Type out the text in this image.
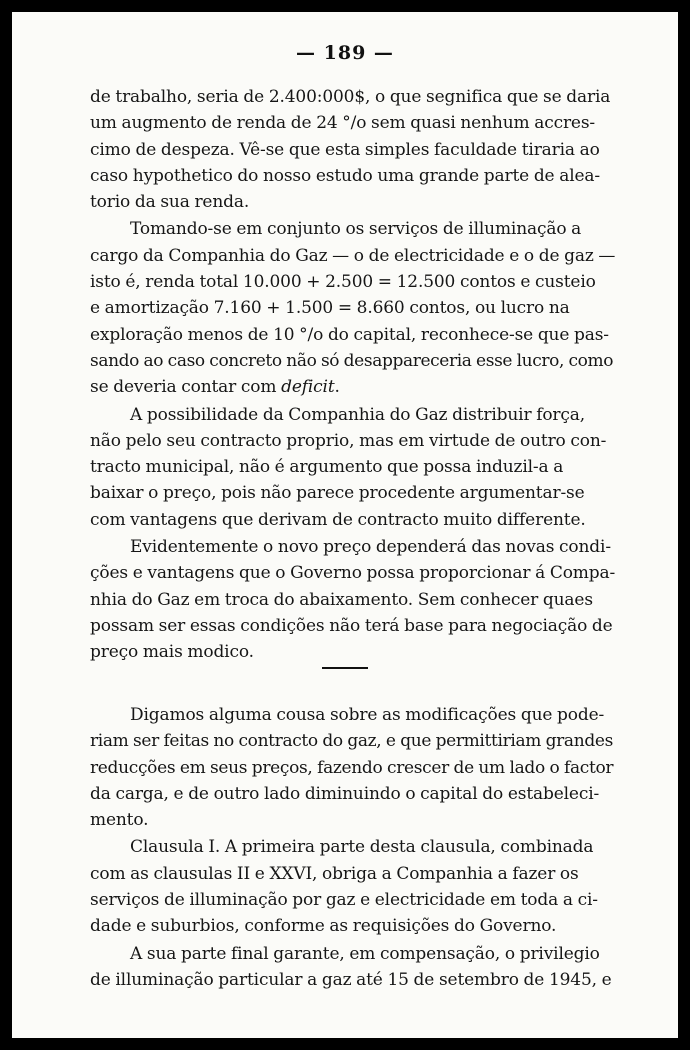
— 189 —
de trabalho, seria de 2.400:000$, o que segnifica que se daria
um augmento de renda de 24 °/o sem quasi nenhum accres-
cimo de despeza. Vê-se que esta simples faculdade tiraria ao
caso hypothetico do nosso estudo uma grande parte de alea-
torio da sua renda.
Tomando-se em conjunto os serviços de illuminação a
cargo da Companhia do Gaz — o de electricidade e o de gaz —
isto é, renda total 10.000 + 2.500 = 12.500 contos e custeio
e amortização 7.160 + 1.500 = 8.660 contos, ou lucro na
exploração menos de 10 °/o do capital, reconhece-se que pas-
sando ao caso concreto não só desappareceria esse lucro, como
se deveria contar com deficit.
A possibilidade da Companhia do Gaz distribuir força,
não pelo seu contracto proprio, mas em virtude de outro con-
tracto municipal, não é argumento que possa induzil-a a
baixar o preço, pois não parece procedente argumentar-se
com vantagens que derivam de contracto muito differente.
Evidentemente o novo preço dependerá das novas condi-
ções e vantagens que o Governo possa proporcionar á Compa-
nhia do Gaz em troca do abaixamento. Sem conhecer quaes
possam ser essas condições não terá base para negociação de
preço mais modico.
Digamos alguma cousa sobre as modificações que pode-
riam ser feitas no contracto do gaz, e que permittiriam grandes
reducções em seus preços, fazendo crescer de um lado o factor
da carga, e de outro lado diminuindo o capital do estabeleci-
mento.
Clausula I. A primeira parte desta clausula, combinada
com as clausulas II e XXVI, obriga a Companhia a fazer os
serviços de illuminação por gaz e electricidade em toda a ci-
dade e suburbios, conforme as requisições do Governo.
A sua parte final garante, em compensação, o privilegio
de illuminação particular a gaz até 15 de setembro de 1945, e
